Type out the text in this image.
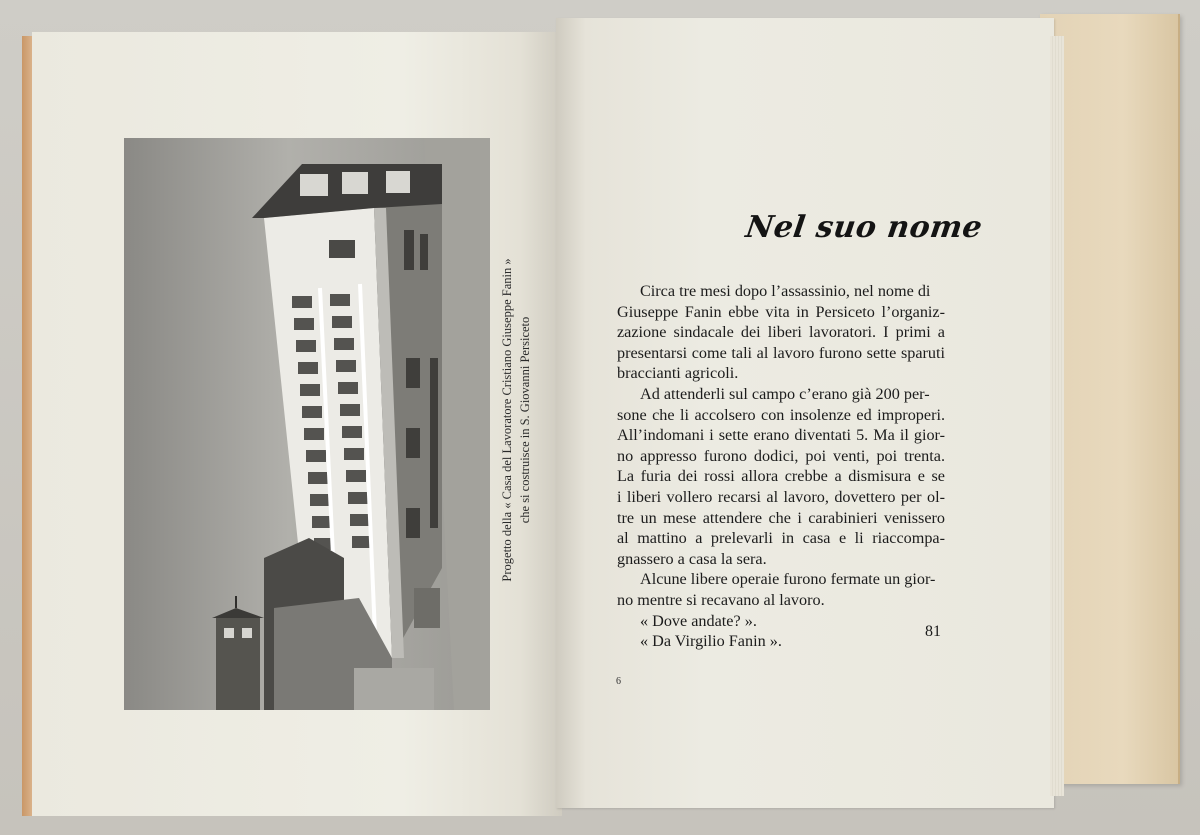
Progetto della « Casa del Lavoratore Cristiano Giuseppe Fanin » che si costruisce in S. Giovanni Persiceto
6
Nel suo nome
Circa tre mesi dopo l’assassinio, nel nome di
Giuseppe Fanin ebbe vita in Persiceto l’organiz-
zazione sindacale dei liberi lavoratori. I primi a
presentarsi come tali al lavoro furono sette sparuti
braccianti agricoli.
Ad attenderli sul campo c’erano già 200 per-
sone che li accolsero con insolenze ed improperi.
All’indomani i sette erano diventati 5. Ma il gior-
no appresso furono dodici, poi venti, poi trenta.
La furia dei rossi allora crebbe a dismisura e se
i liberi vollero recarsi al lavoro, dovettero per ol-
tre un mese attendere che i carabinieri venissero
al mattino a prelevarli in casa e li riaccompa-
gnassero a casa la sera.
Alcune libere operaie furono fermate un gior-
no mentre si recavano al lavoro.
« Dove andate? ».
« Da Virgilio Fanin ».
81
